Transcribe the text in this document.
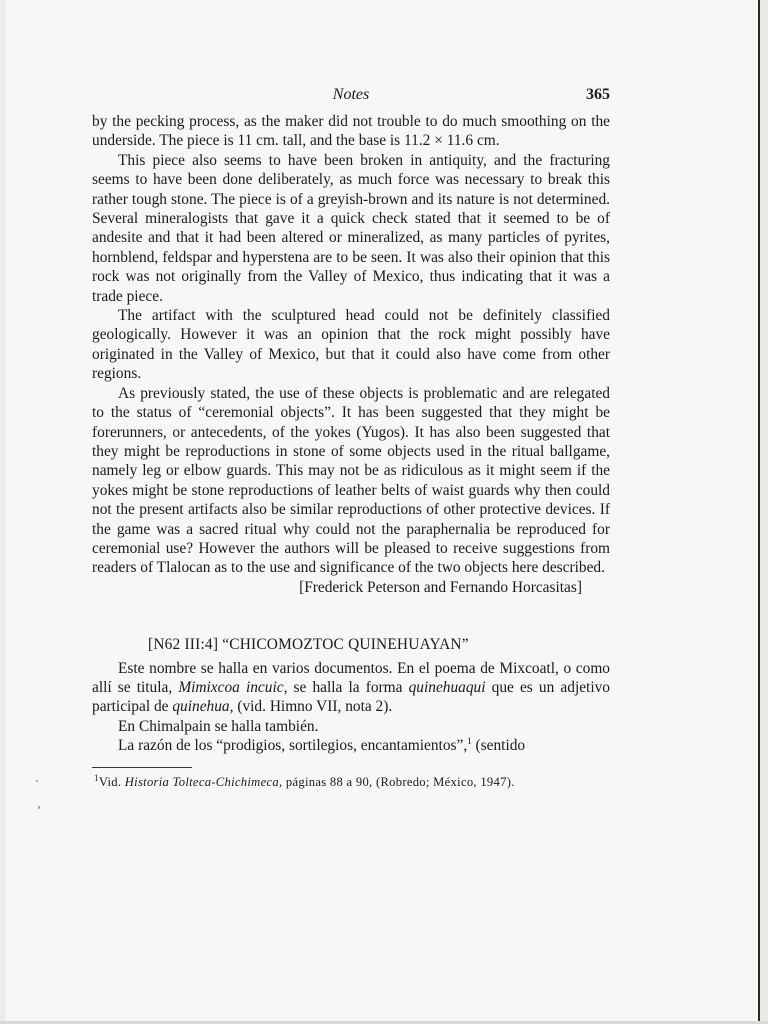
Notes	365

by the pecking process, as the maker did not trouble to do much smoothing on the underside. The piece is 11 cm. tall, and the base is 11.2 × 11.6 cm.

This piece also seems to have been broken in antiquity, and the fracturing seems to have been done deliberately, as much force was necessary to break this rather tough stone. The piece is of a greyish-brown and its nature is not determined. Several mineralogists that gave it a quick check stated that it seemed to be of andesite and that it had been altered or mineralized, as many particles of pyrites, hornblend, feldspar and hyperstena are to be seen. It was also their opinion that this rock was not originally from the Valley of Mexico, thus indicating that it was a trade piece.

The artifact with the sculptured head could not be definitely classified geologically. However it was an opinion that the rock might possibly have originated in the Valley of Mexico, but that it could also have come from other regions.

As previously stated, the use of these objects is problematic and are relegated to the status of “ceremonial objects”. It has been suggested that they might be forerunners, or antecedents, of the yokes (Yugos). It has also been suggested that they might be reproductions in stone of some objects used in the ritual ballgame, namely leg or elbow guards. This may not be as ridiculous as it might seem if the yokes might be stone reproductions of leather belts of waist guards why then could not the present artifacts also be similar reproductions of other protective devices. If the game was a sacred ritual why could not the paraphernalia be reproduced for ceremonial use? However the authors will be pleased to receive suggestions from readers of Tlalocan as to the use and significance of the two objects here described.

[Frederick Peterson and Fernando Horcasitas]
[N62 III:4] “CHICOMOZTOC QUINEHUAYAN”

Este nombre se halla en varios documentos. En el poema de Mixcoatl, o como allí se titula, Mimixcoa incuic, se halla la forma quinehuaqui que es un adjetivo participal de quinehua, (vid. Himno VII, nota 2).

En Chimalpain se halla también.

La razón de los “prodigios, sortilegios, encantamientos”,$^1$ (sentido

$^1$Vid. Historia Tolteca-Chichimeca, páginas 88 a 90, (Robredo; México, 1947).
